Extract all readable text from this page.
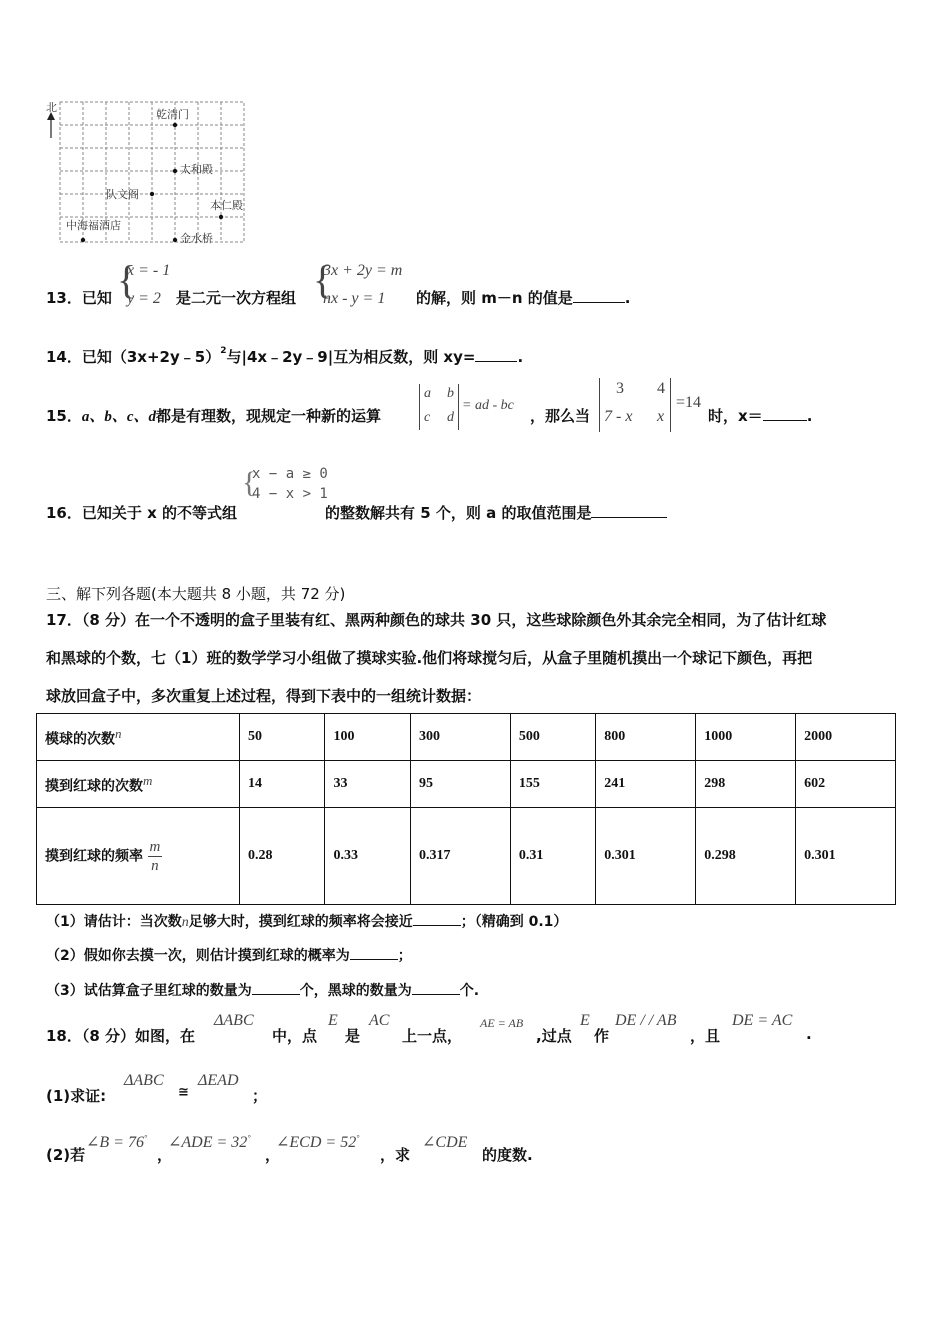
北
乾清门
太和殿
队文阁
本仁殿
中海福酒店
金水桥
13．已知 {
x = - 1
y = 2 是二元一次方程组 {
3x + 2y = m
nx - y = 1 的解，则 m－n 的值是	.
14．已知（3x+2y﹣5）$^2$与|4x﹣2y﹣9|互为相反数，则 xy=	.
15．a、b、c、d都是有理数，现规定一种新的运算
a b
c d
= ad - bc
，那么当
3 4
7 - x x
=14
时，x＝	.
16．已知关于 x 的不等式组
{
x − a ≥ 0
4 − x > 1
的整数解共有 5 个，则 a 的取值范围是
三、解下列各题(本大题共 8 小题，共 72 分)
17．（8 分）在一个不透明的盒子里装有红、黑两种颜色的球共 30 只，这些球除颜色外其余完全相同，为了估计红球
和黑球的个数，七（1）班的数学学习小组做了摸球实验.他们将球搅匀后，从盒子里随机摸出一个球记下颜色，再把
球放回盒子中，多次重复上述过程，得到下表中的一组统计数据：
模球的次数n	50	100	300	500	800	1000	2000
摸到红球的次数m	14	33	95	155	241	298	602
摸到红球的频率 $\frac{m}{n}$	0.28	0.33	0.317	0.31	0.301	0.298	0.301
（1）请估计：当次数n足够大时，摸到红球的频率将会接近	；（精确到 0.1）
（2）假如你去摸一次，则估计摸到红球的概率为	；
（3）试估算盒子里红球的数量为	个，黑球的数量为	个.
18．（8 分）如图，在
ΔABC
中，点
E
是
AC
上一点，
AE = AB
,过点
E
作
DE / / AB
，且
DE = AC
.
(1)求证:
ΔABC
≅
ΔEAD
；
(2)若
∠B = 76°
，
∠ADE = 32°
，
∠ECD = 52°
，求
∠CDE
的度数.
